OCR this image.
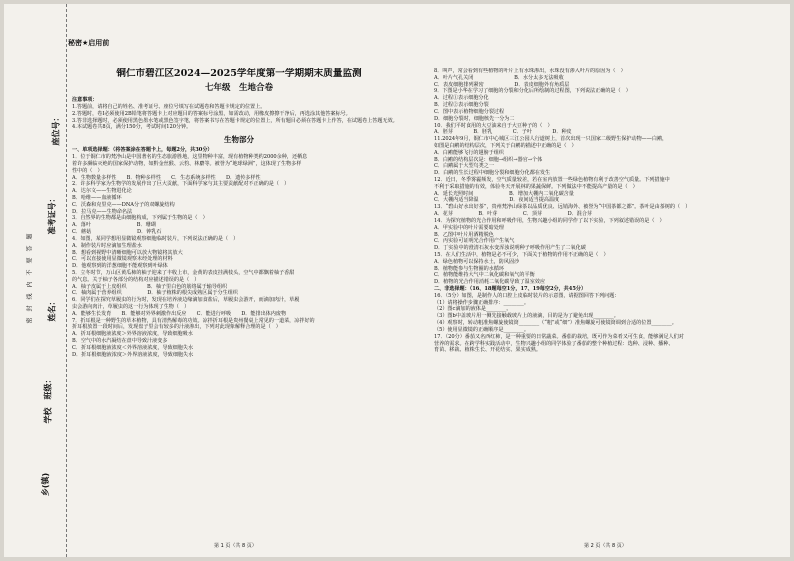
座位号：
准考证号：
姓名：
学校　班级：
乡(镇)
密　封　线　内　不　要　答　题
秘密★启用前
铜仁市碧江区2024—2025学年度第一学期期末质量监测
七年级　生地合卷

注意事项：

1.答题前，请将自己的姓名、准考证号、座位号填写在试题卷和答题卡规定的位置上。

2.答题时，卷Ⅰ必须使用2B铅笔将答题卡上对应题目的答案标号涂黑，如需改动，用橡皮擦擦干净后，再选涂其他答案标号。

3.答非选择题时，必须使用黑色墨水笔或黑色签字笔，将答案书写在答题卡规定的位置上，所有题目必须在答题卡上作答，在试题卷上答题无效。

4.本试题卷共8页，满分150分，考试时间120分钟。

生物部分

一、单项选择题：（将答案涂在答题卡上，每题2分，共30分）

1．位于铜仁市的梵净山是中国著名的生态旅游胜地，这里物种丰富，现有植物种类约2000余种，还栖息

着许多濒临灭绝的国家保护动物，如黔金丝猴、云豹、林麝等。被誉为“地球绿洲”，这体现了生物多样

性中的（　）

A．生物数量多样性　　B．物种多样性　　C．生态系统多样性　　D．遗传多样性

2．许多科学家为生物学的发展作出了巨大贡献，下面科学家与其主要贡献配对不正确的是（　）

A．达尔文——生物进化论

B．哈维——血液循环

C．沃森和克里克——DNA分子的双螺旋结构

D．拉马克——生物命名法

3．自然界的生物都是由细胞构成，下列属于生物的是（　）

A．落叶　　　　　　　　　B．珊瑚

C．蘑菇　　　　　　　　　D．钟乳石

4．如图，某同学想用显微镜观察细胞临时装片，下列说法正确的是（　）

A．制作装片时应滴加生理盐水

B．想看到视野中清晰细胞可以放大物镜将其放大

C．可以直接使用显微镜观察未经处理的材料

D．他观察到的洋葱细胞不能观察到叶绿体

5．立冬时节，万山区黄瓜柿的柚子迎来了丰收上市，金黄的表皮挂满枝头，空气中都飘着柚子香甜

的气息。关于柚子各部分的结构对应描述错误的是（　）

A．柚子皮属于上皮组织　　　　B．柚子里白色的筋络属于输导组织

C．柚肉属于营养组织　　　　　D．柚子植株的根尖成熟区属于分生组织

6．同学们在探究草履虫的行为时，发现在培养液边缘滴加食盐后，草履虫会游开，而滴加肉汁，草履

虫会游向肉汁，草履虫的这一行为体现了生物（　）

A．能够生长发育　　B．能够对外界刺激作出反应　　C．能进行呼吸　　D．能排出体内废物

7．折耳根是一种野生的草本植物，具有清热解毒的功效。凉拌折耳根是贵州餐桌上常见的一道菜，凉拌好的

折耳根放置一段时间后，发现盘子里会有较多的汁液渗出，下列对此现象解释合理的是（　）

A．折耳根细胞液浓度＞外界溶液浓度，导致细胞吸水

B．空气中的水汽凝结在盘中导致汁液变多

C．折耳根细胞液浓度＜外界溶液浓度，导致细胞失水

D．折耳根细胞液浓度＞外界溶液浓度，导致细胞失水

8．叫声，常会看到有些植物的叶片上有水珠渗出，水珠没有渗入叶片的原因为（　）

A．叶片气孔关闭　　　　　　　　B．水分太多无法吸收

C．表皮细胞排列紧密　　　　　　D．表皮细胞外有角质层

9．下图是小华在学习了细胞的分裂和分化后所绘制的过程图，下列说法正确的是（　）

A．过程①表示细胞分化

B．过程②表示细胞分裂

C．图中表示植物细胞分裂过程

D．细胞分裂时，细胞核先一分为二

10．我们平时食用的大豆油来自于大豆种子的（　）

A．胚芽　　　　B．胚乳　　　　C．子叶　　　　D．种皮

11.2024年9月，铜仁市中心城区三江公园人行道树上，首次出现一只国家二级野生保护动物——白鹇，

如图是白鹇的结构层次，下列关于白鹇的描述中正确的是（　）

A．白鹇能够飞行的翅膀于组织

B．白鹇的结构层次是：细胞→组织→器官→个体

C．白鹇属于大型鸟类之一

D．白鹇的生长过程中细胞分裂和细胞分化都在发生

12．近日，冬季雾霾频发，空气质量较差，若在室内放置一些绿色植物有利于改善空气质量。下列措施中

不利于采取措施的有效，体验冬天开展林的果蔬保鲜。下列做法中不能提高产量的是（　）

A．延长光照时间　　　　　　　B．增加大棚内二氧化碳含量

C．大棚内适当降温　　　　　　D．夜间适当提高温度

13．“碧山好水出好茶”，贵州梵净山绿茶以品质优良、远销海外、被誉为“中国茶都之都”。茶叶是由茶树的（　）

A．花芽　　　　　B．叶芽　　　　　C．顶芽　　　　　D．混合芽

14．为探究植物的光合作用和呼吸作用，生物兴趣小组的同学作了以下实验，下列叙述错误的是（　）

A．甲实验中的叶片需要暗处理

B．乙图中叶片用酒精脱色

C．丙实验可证明光合作用产生氧气

D．丁实验中的澄清石灰水变浑浊说明种子呼吸作用产生了二氧化碳

15．在人们生活中，植物是必不可少，下面关于植物的作用不正确的是（　）

A．绿色植物可以保持水土，防风固沙

B．植物能参与生物圈的水循环

C．植物能维持大气中二氧化碳和氧气的平衡

D．植物的光合作用消耗二氧化碳导致了温室效应

二、非选择题：（16、18题每空1分，17、19每空2分，共45分）

16．（5分）如图，是制作人的口腔上皮临时装片的示意图，请据图回答下列问题：

（1）请将操作步骤正确排序：________。

（2）图c滴加的液体是________。

（3）图b中盖玻片用一侧先接触载玻片上的液滴，目的是为了避免出现________。

（4）观察时，转动粗准焦螺旋使镜筒________（“粗”或“细”）准焦螺旋可使镜筒调到合适的位置________。

（5）使用显微镜的正确顺序是________。

17．（20分）番茄又名西红柿，是一种重要的日常蔬菜。番茄的栽培，既可作为菜肴又可生食，能够满足人们对

营养的需求。在跨学科实践活动中，生物兴趣小组的同学体验了番茄的整个种植过程：选种、浸种、播种、

育苗、移栽、植株生长、开花结实、果实成熟。

第 1 页（共 8 页）	第 2 页（共 8 页）
